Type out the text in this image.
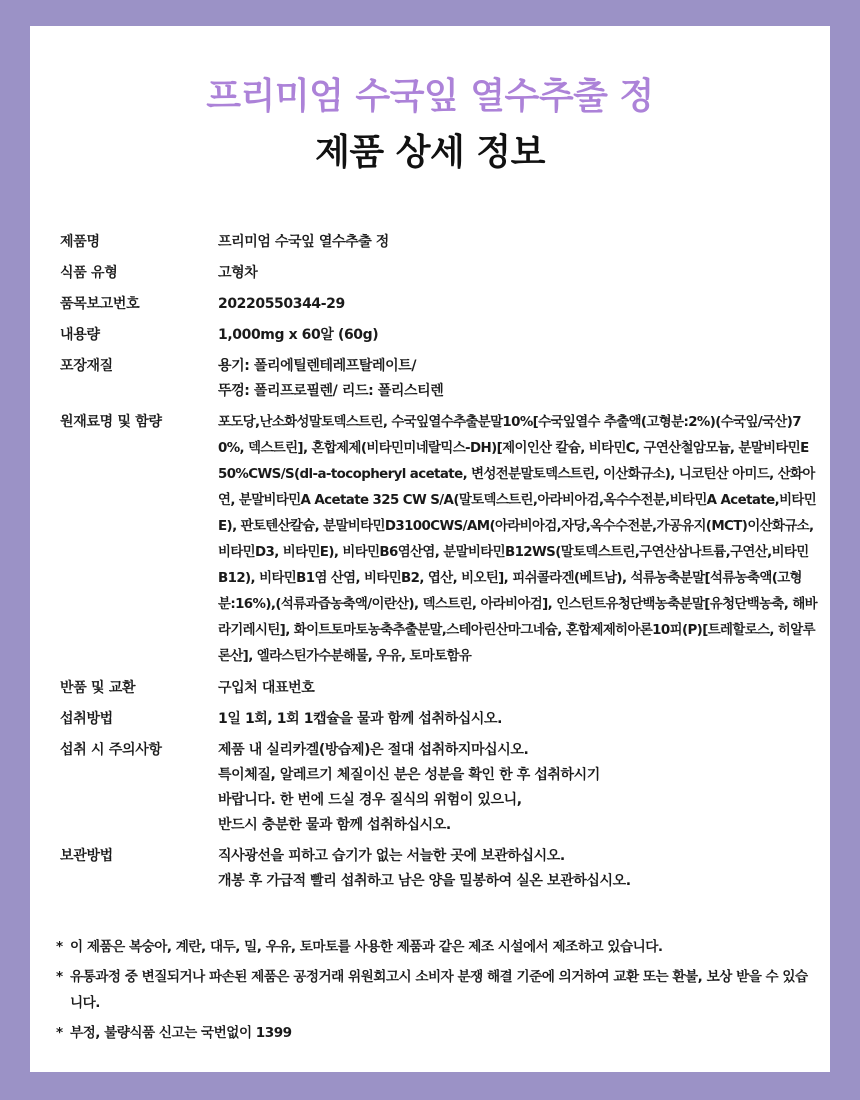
프리미엄 수국잎 열수추출 정
제품 상세 정보
제품명	프리미엄 수국잎 열수추출 정
식품 유형	고형차
품목보고번호	20220550344-29
내용량	1,000mg x 60알 (60g)
포장재질	용기: 폴리에틸렌테레프탈레이트/
뚜껑: 폴리프로필렌/ 리드: 폴리스티렌
원재료명 및 함량	포도당,난소화성말토덱스트린, 수국잎열수추출분말10%[수국잎열수 추출액(고형분:2%)(수국잎/국산)70%, 덱스트린], 혼합제제(비타민미네랄믹스-DH)[제이인산 칼슘, 비타민C, 구연산철암모늄, 분말비타민E 50%CWS/S(dl-a-tocopheryl acetate, 변성전분말토덱스트린, 이산화규소), 니코틴산 아미드, 산화아연, 분말비타민A Acetate 325 CW S/A(말토덱스트린,아라비아검,옥수수전분,비타민A Acetate,비타민E), 판토텐산칼슘, 분말비타민D3100CWS/AM(아라비아검,자당,옥수수전분,가공유지(MCT)이산화규소, 비타민D3, 비타민E), 비타민B6염산염, 분말비타민B12WS(말토덱스트린,구연산삼나트륨,구연산,비타민B12), 비타민B1염 산염, 비타민B2, 엽산, 비오틴], 피쉬콜라겐(베트남), 석류농축분말[석류농축액(고형분:16%),(석류과즙농축액/이란산), 덱스트린, 아라비아검], 인스턴트유청단백농축분말[유청단백농축, 해바라기레시틴], 화이트토마토농축추출분말,스테아린산마그네슘, 혼합제제히아론10피(P)[트레할로스, 히알루론산], 엘라스틴가수분해물, 우유, 토마토함유
반품 및 교환	구입처 대표번호
섭취방법	1일 1회, 1회 1캡슐을 물과 함께 섭취하십시오.
섭취 시 주의사항	제품 내 실리카겔(방습제)은 절대 섭취하지마십시오.
특이체질, 알레르기 체질이신 분은 성분을 확인 한 후 섭취하시기
바랍니다. 한 번에 드실 경우 질식의 위험이 있으니,
반드시 충분한 물과 함께 섭취하십시오.
보관방법	직사광선을 피하고 습기가 없는 서늘한 곳에 보관하십시오.
개봉 후 가급적 빨리 섭취하고 남은 양을 밀봉하여 실온 보관하십시오.
* 이 제품은 복숭아, 계란, 대두, 밀, 우유, 토마토를 사용한 제품과 같은 제조 시설에서 제조하고 있습니다.
* 유통과정 중 변질되거나 파손된 제품은 공정거래 위원회고시 소비자 분쟁 해결 기준에 의거하여 교환 또는 환불, 보상 받을 수 있습니다.
* 부정, 불량식품 신고는 국번없이 1399
